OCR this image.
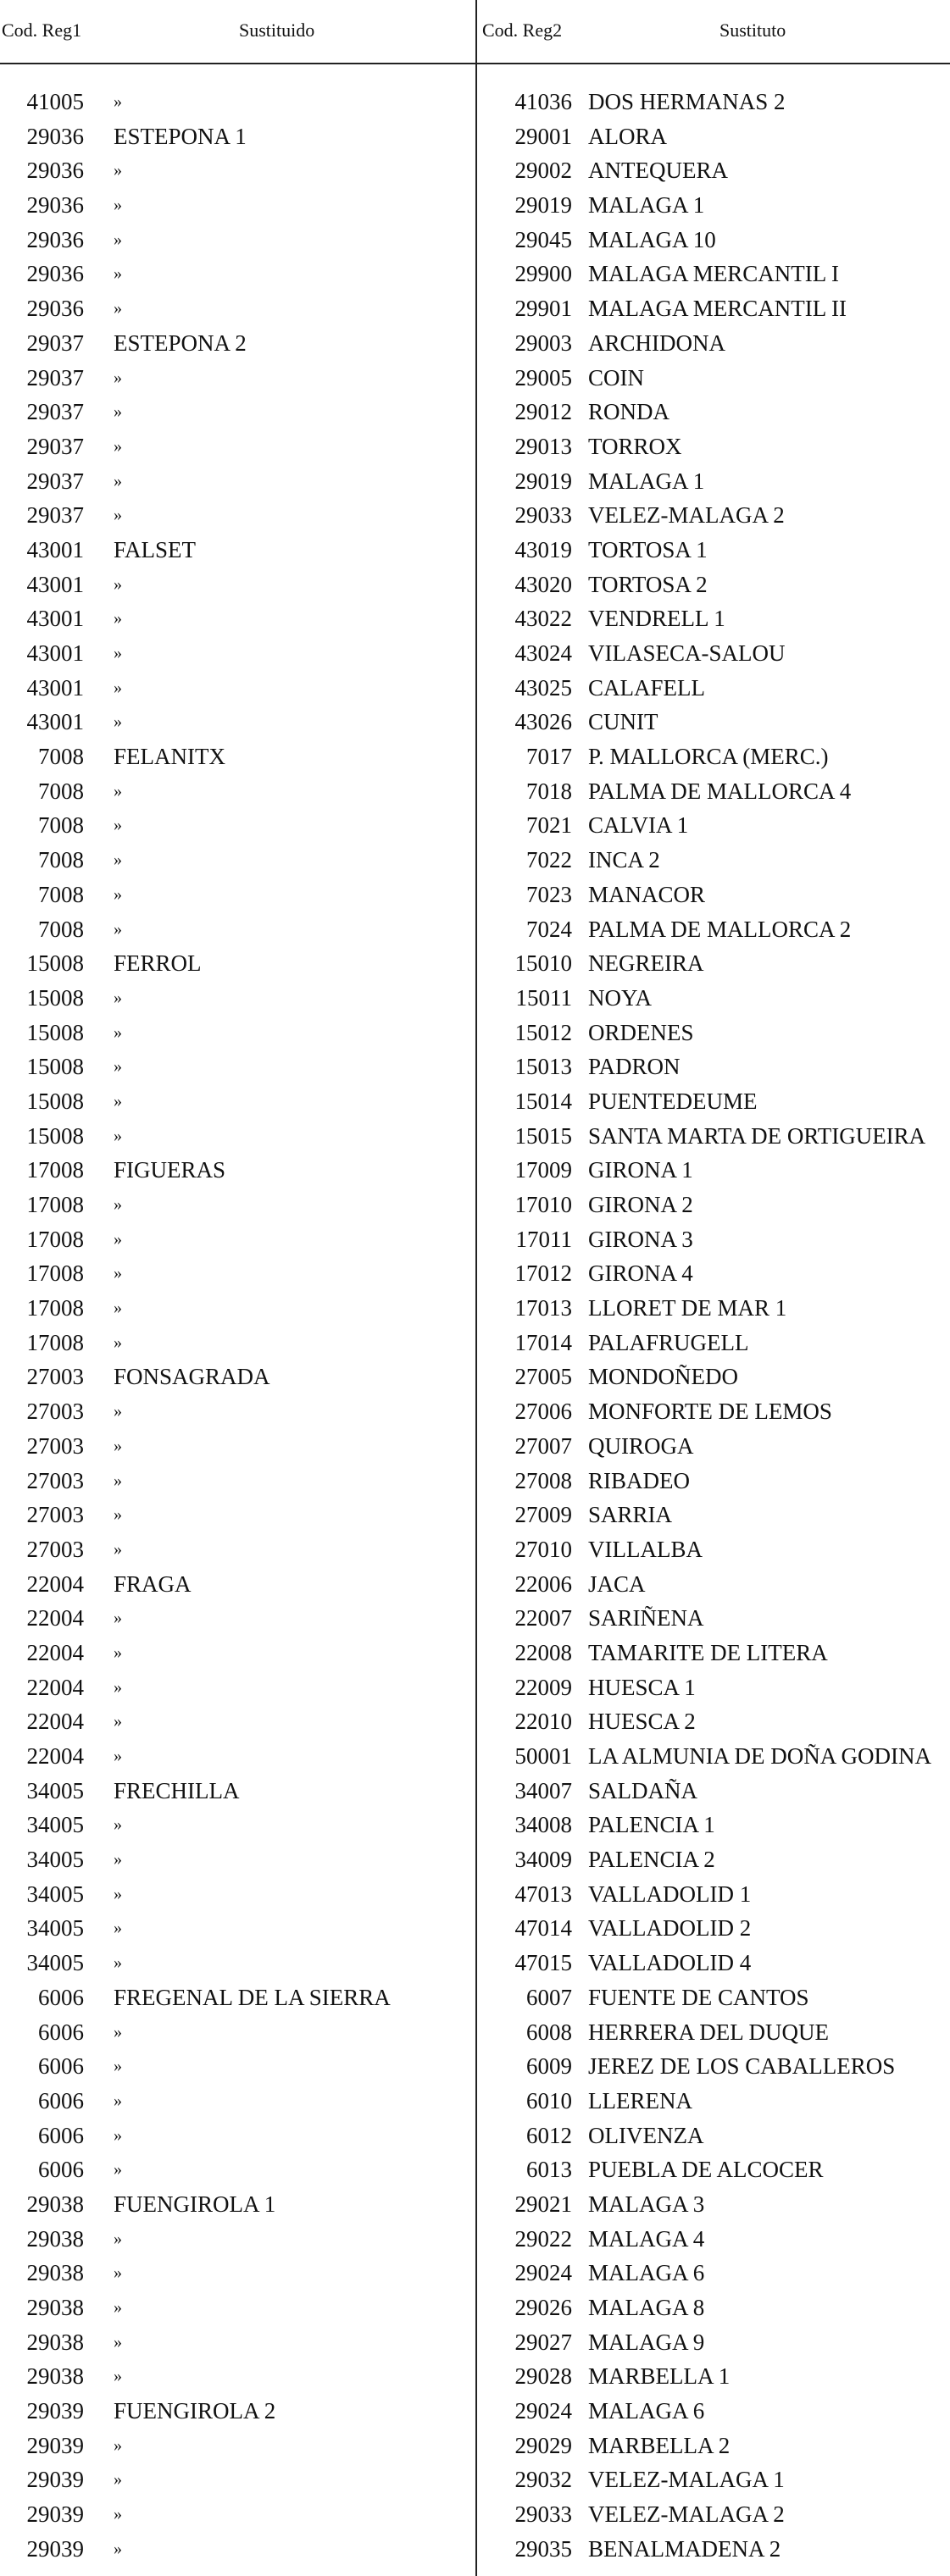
Cod. Reg1	Sustituido	Cod. Reg2	Sustituto
41005 »	41036 DOS HERMANAS 2
29036 ESTEPONA 1	29001 ALORA
29036 »	29002 ANTEQUERA
29036 »	29019 MALAGA 1
29036 »	29045 MALAGA 10
29036 »	29900 MALAGA MERCANTIL I
29036 »	29901 MALAGA MERCANTIL II
29037 ESTEPONA 2	29003 ARCHIDONA
29037 »	29005 COIN
29037 »	29012 RONDA
29037 »	29013 TORROX
29037 »	29019 MALAGA 1
29037 »	29033 VELEZ-MALAGA 2
43001 FALSET	43019 TORTOSA 1
43001 »	43020 TORTOSA 2
43001 »	43022 VENDRELL 1
43001 »	43024 VILASECA-SALOU
43001 »	43025 CALAFELL
43001 »	43026 CUNIT
7008 FELANITX	7017 P. MALLORCA (MERC.)
7008 »	7018 PALMA DE MALLORCA 4
7008 »	7021 CALVIA 1
7008 »	7022 INCA 2
7008 »	7023 MANACOR
7008 »	7024 PALMA DE MALLORCA 2
15008 FERROL	15010 NEGREIRA
15008 »	15011 NOYA
15008 »	15012 ORDENES
15008 »	15013 PADRON
15008 »	15014 PUENTEDEUME
15008 »	15015 SANTA MARTA DE ORTIGUEIRA
17008 FIGUERAS	17009 GIRONA 1
17008 »	17010 GIRONA 2
17008 »	17011 GIRONA 3
17008 »	17012 GIRONA 4
17008 »	17013 LLORET DE MAR 1
17008 »	17014 PALAFRUGELL
27003 FONSAGRADA	27005 MONDOÑEDO
27003 »	27006 MONFORTE DE LEMOS
27003 »	27007 QUIROGA
27003 »	27008 RIBADEO
27003 »	27009 SARRIA
27003 »	27010 VILLALBA
22004 FRAGA	22006 JACA
22004 »	22007 SARIÑENA
22004 »	22008 TAMARITE DE LITERA
22004 »	22009 HUESCA 1
22004 »	22010 HUESCA 2
22004 »	50001 LA ALMUNIA DE DOÑA GODINA
34005 FRECHILLA	34007 SALDAÑA
34005 »	34008 PALENCIA 1
34005 »	34009 PALENCIA 2
34005 »	47013 VALLADOLID 1
34005 »	47014 VALLADOLID 2
34005 »	47015 VALLADOLID 4
6006 FREGENAL DE LA SIERRA	6007 FUENTE DE CANTOS
6006 »	6008 HERRERA DEL DUQUE
6006 »	6009 JEREZ DE LOS CABALLEROS
6006 »	6010 LLERENA
6006 »	6012 OLIVENZA
6006 »	6013 PUEBLA DE ALCOCER
29038 FUENGIROLA 1	29021 MALAGA 3
29038 »	29022 MALAGA 4
29038 »	29024 MALAGA 6
29038 »	29026 MALAGA 8
29038 »	29027 MALAGA 9
29038 »	29028 MARBELLA 1
29039 FUENGIROLA 2	29024 MALAGA 6
29039 »	29029 MARBELLA 2
29039 »	29032 VELEZ-MALAGA 1
29039 »	29033 VELEZ-MALAGA 2
29039 »	29035 BENALMADENA 2
